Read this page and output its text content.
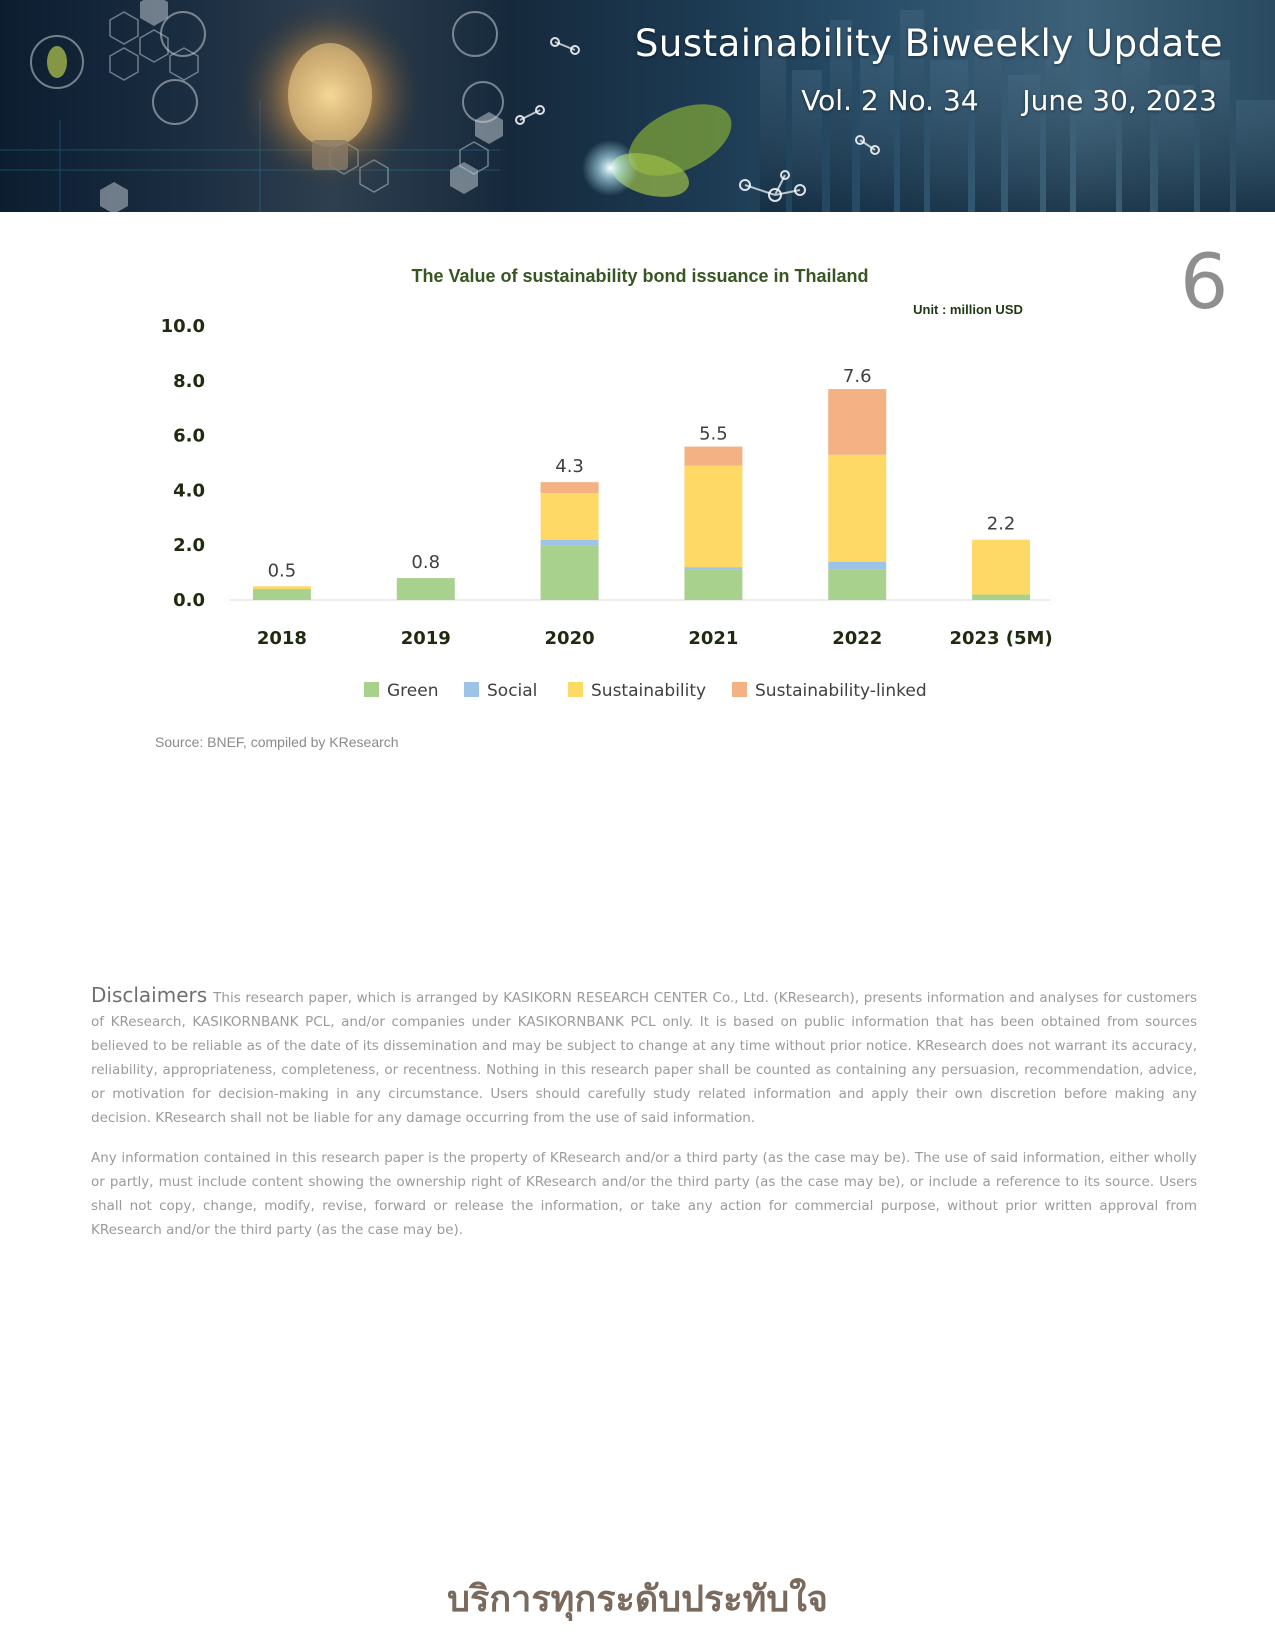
Sustainability Biweekly Update
Vol. 2 No. 34 June 30, 2023
6
The Value of sustainability bond issuance in Thailand
Unit : million USD
10.0
8.0
6.0
4.0
2.0
0.0
0.5
2018
0.8
2019
4.3
2020
5.5
2021
7.6
2022
2.2
2023 (5M)
Green	Social	Sustainability	Sustainability-linked
Source: BNEF, compiled by KResearch

Disclaimers This research paper, which is arranged by KASIKORN RESEARCH CENTER Co., Ltd. (KResearch), presents information and analyses for customers of KResearch, KASIKORNBANK PCL, and/or companies under KASIKORNBANK PCL only. It is based on public information that has been obtained from sources believed to be reliable as of the date of its dissemination and may be subject to change at any time without prior notice. KResearch does not warrant its accuracy, reliability, appropriateness, completeness, or recentness. Nothing in this research paper shall be counted as containing any persuasion, recommendation, advice, or motivation for decision-making in any circumstance. Users should carefully study related information and apply their own discretion before making any decision. KResearch shall not be liable for any damage occurring from the use of said information.

Any information contained in this research paper is the property of KResearch and/or a third party (as the case may be). The use of said information, either wholly or partly, must include content showing the ownership right of KResearch and/or the third party (as the case may be), or include a reference to its source. Users shall not copy, change, modify, revise, forward or release the information, or take any action for commercial purpose, without prior written approval from KResearch and/or the third party (as the case may be).

บริการทุกระดับประทับใจ
